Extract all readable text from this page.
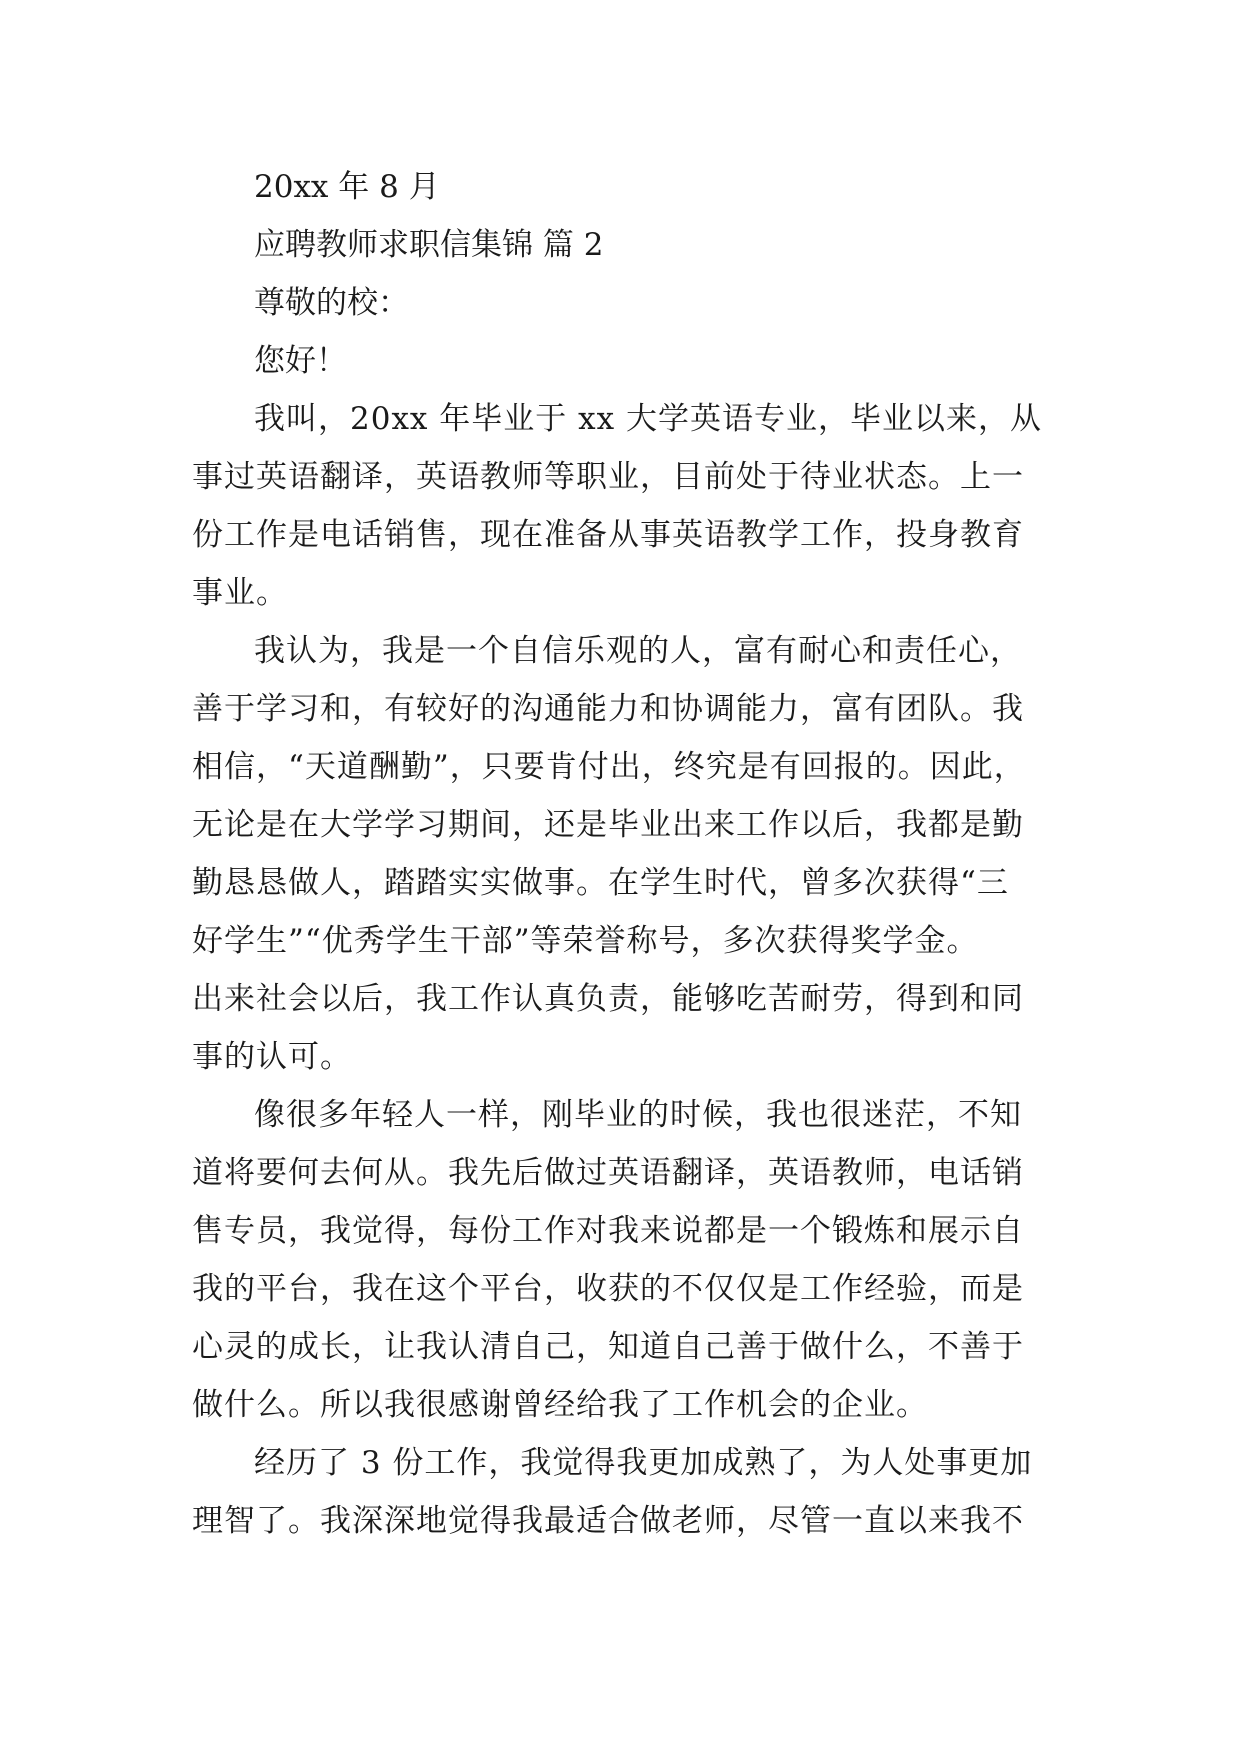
20xx 年 8 月

应聘教师求职信集锦 篇 2

尊敬的校：

您好！

我叫，20xx 年毕业于 xx 大学英语专业，毕业以来，从
事过英语翻译，英语教师等职业，目前处于待业状态。上一
份工作是电话销售，现在准备从事英语教学工作，投身教育
事业。
我认为，我是一个自信乐观的人，富有耐心和责任心，
善于学习和，有较好的沟通能力和协调能力，富有团队。我
相信，“天道酬勤”，只要肯付出，终究是有回报的。因此，
无论是在大学学习期间，还是毕业出来工作以后，我都是勤
勤恳恳做人，踏踏实实做事。在学生时代，曾多次获得“三
好学生”“优秀学生干部”等荣誉称号，多次获得奖学金。
出来社会以后，我工作认真负责，能够吃苦耐劳，得到和同
事的认可。
像很多年轻人一样，刚毕业的时候，我也很迷茫，不知
道将要何去何从。我先后做过英语翻译，英语教师，电话销
售专员，我觉得，每份工作对我来说都是一个锻炼和展示自
我的平台，我在这个平台，收获的不仅仅是工作经验，而是
心灵的成长，让我认清自己，知道自己善于做什么，不善于
做什么。所以我很感谢曾经给我了工作机会的企业。
经历了 3 份工作，我觉得我更加成熟了，为人处事更加
理智了。我深深地觉得我最适合做老师，尽管一直以来我不
